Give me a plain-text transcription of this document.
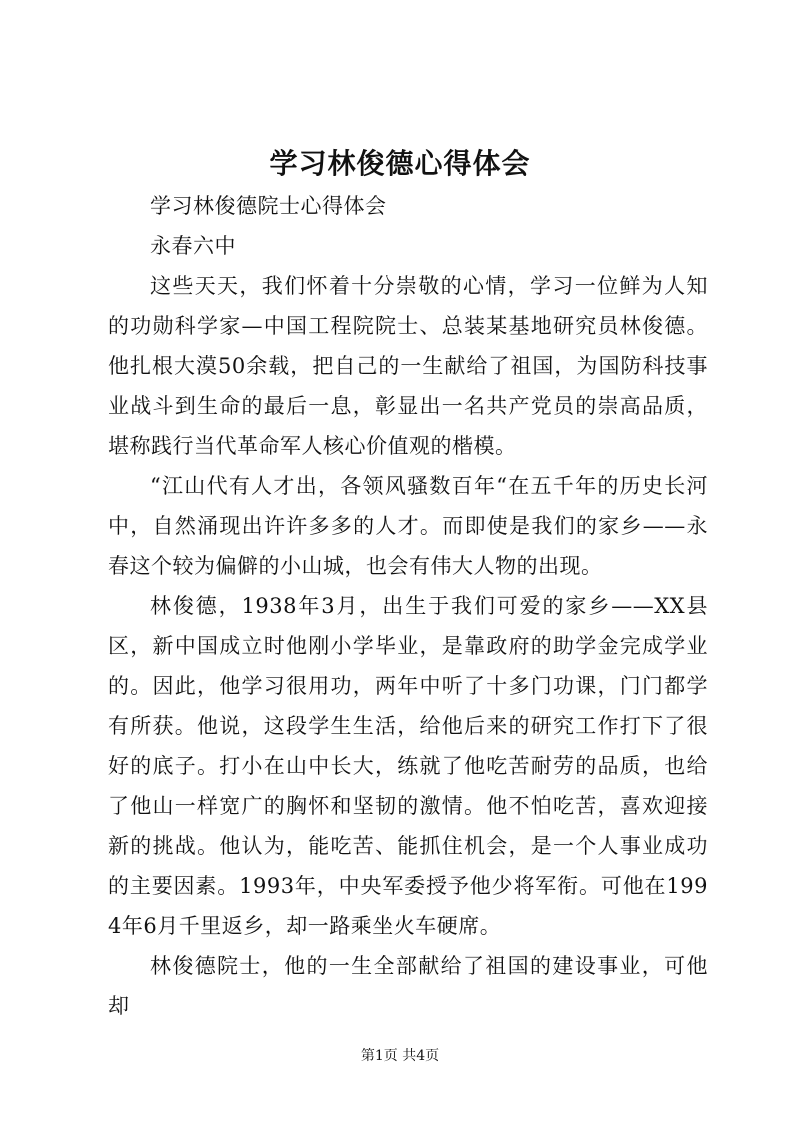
学习林俊德心得体会

学习林俊德院士心得体会

永春六中

这些天天，我们怀着十分崇敬的心情，学习一位鲜为人知的功勋科学家—中国工程院院士、总装某基地研究员林俊德。他扎根大漠50余载，把自己的一生献给了祖国，为国防科技事业战斗到生命的最后一息，彰显出一名共产党员的崇高品质，堪称践行当代革命军人核心价值观的楷模。

“江山代有人才出，各领风骚数百年“在五千年的历史长河中，自然涌现出许许多多的人才。而即使是我们的家乡——永春这个较为偏僻的小山城，也会有伟大人物的出现。

林俊德，1938年3月，出生于我们可爱的家乡——XX县区，新中国成立时他刚小学毕业，是靠政府的助学金完成学业的。因此，他学习很用功，两年中听了十多门功课，门门都学有所获。他说，这段学生生活，给他后来的研究工作打下了很好的底子。打小在山中长大，练就了他吃苦耐劳的品质，也给了他山一样宽广的胸怀和坚韧的激情。他不怕吃苦，喜欢迎接新的挑战。他认为，能吃苦、能抓住机会，是一个人事业成功的主要因素。1993年，中央军委授予他少将军衔。可他在1994年6月千里返乡，却一路乘坐火车硬席。

林俊德院士，他的一生全部献给了祖国的建设事业，可他却

第1页 共4页
